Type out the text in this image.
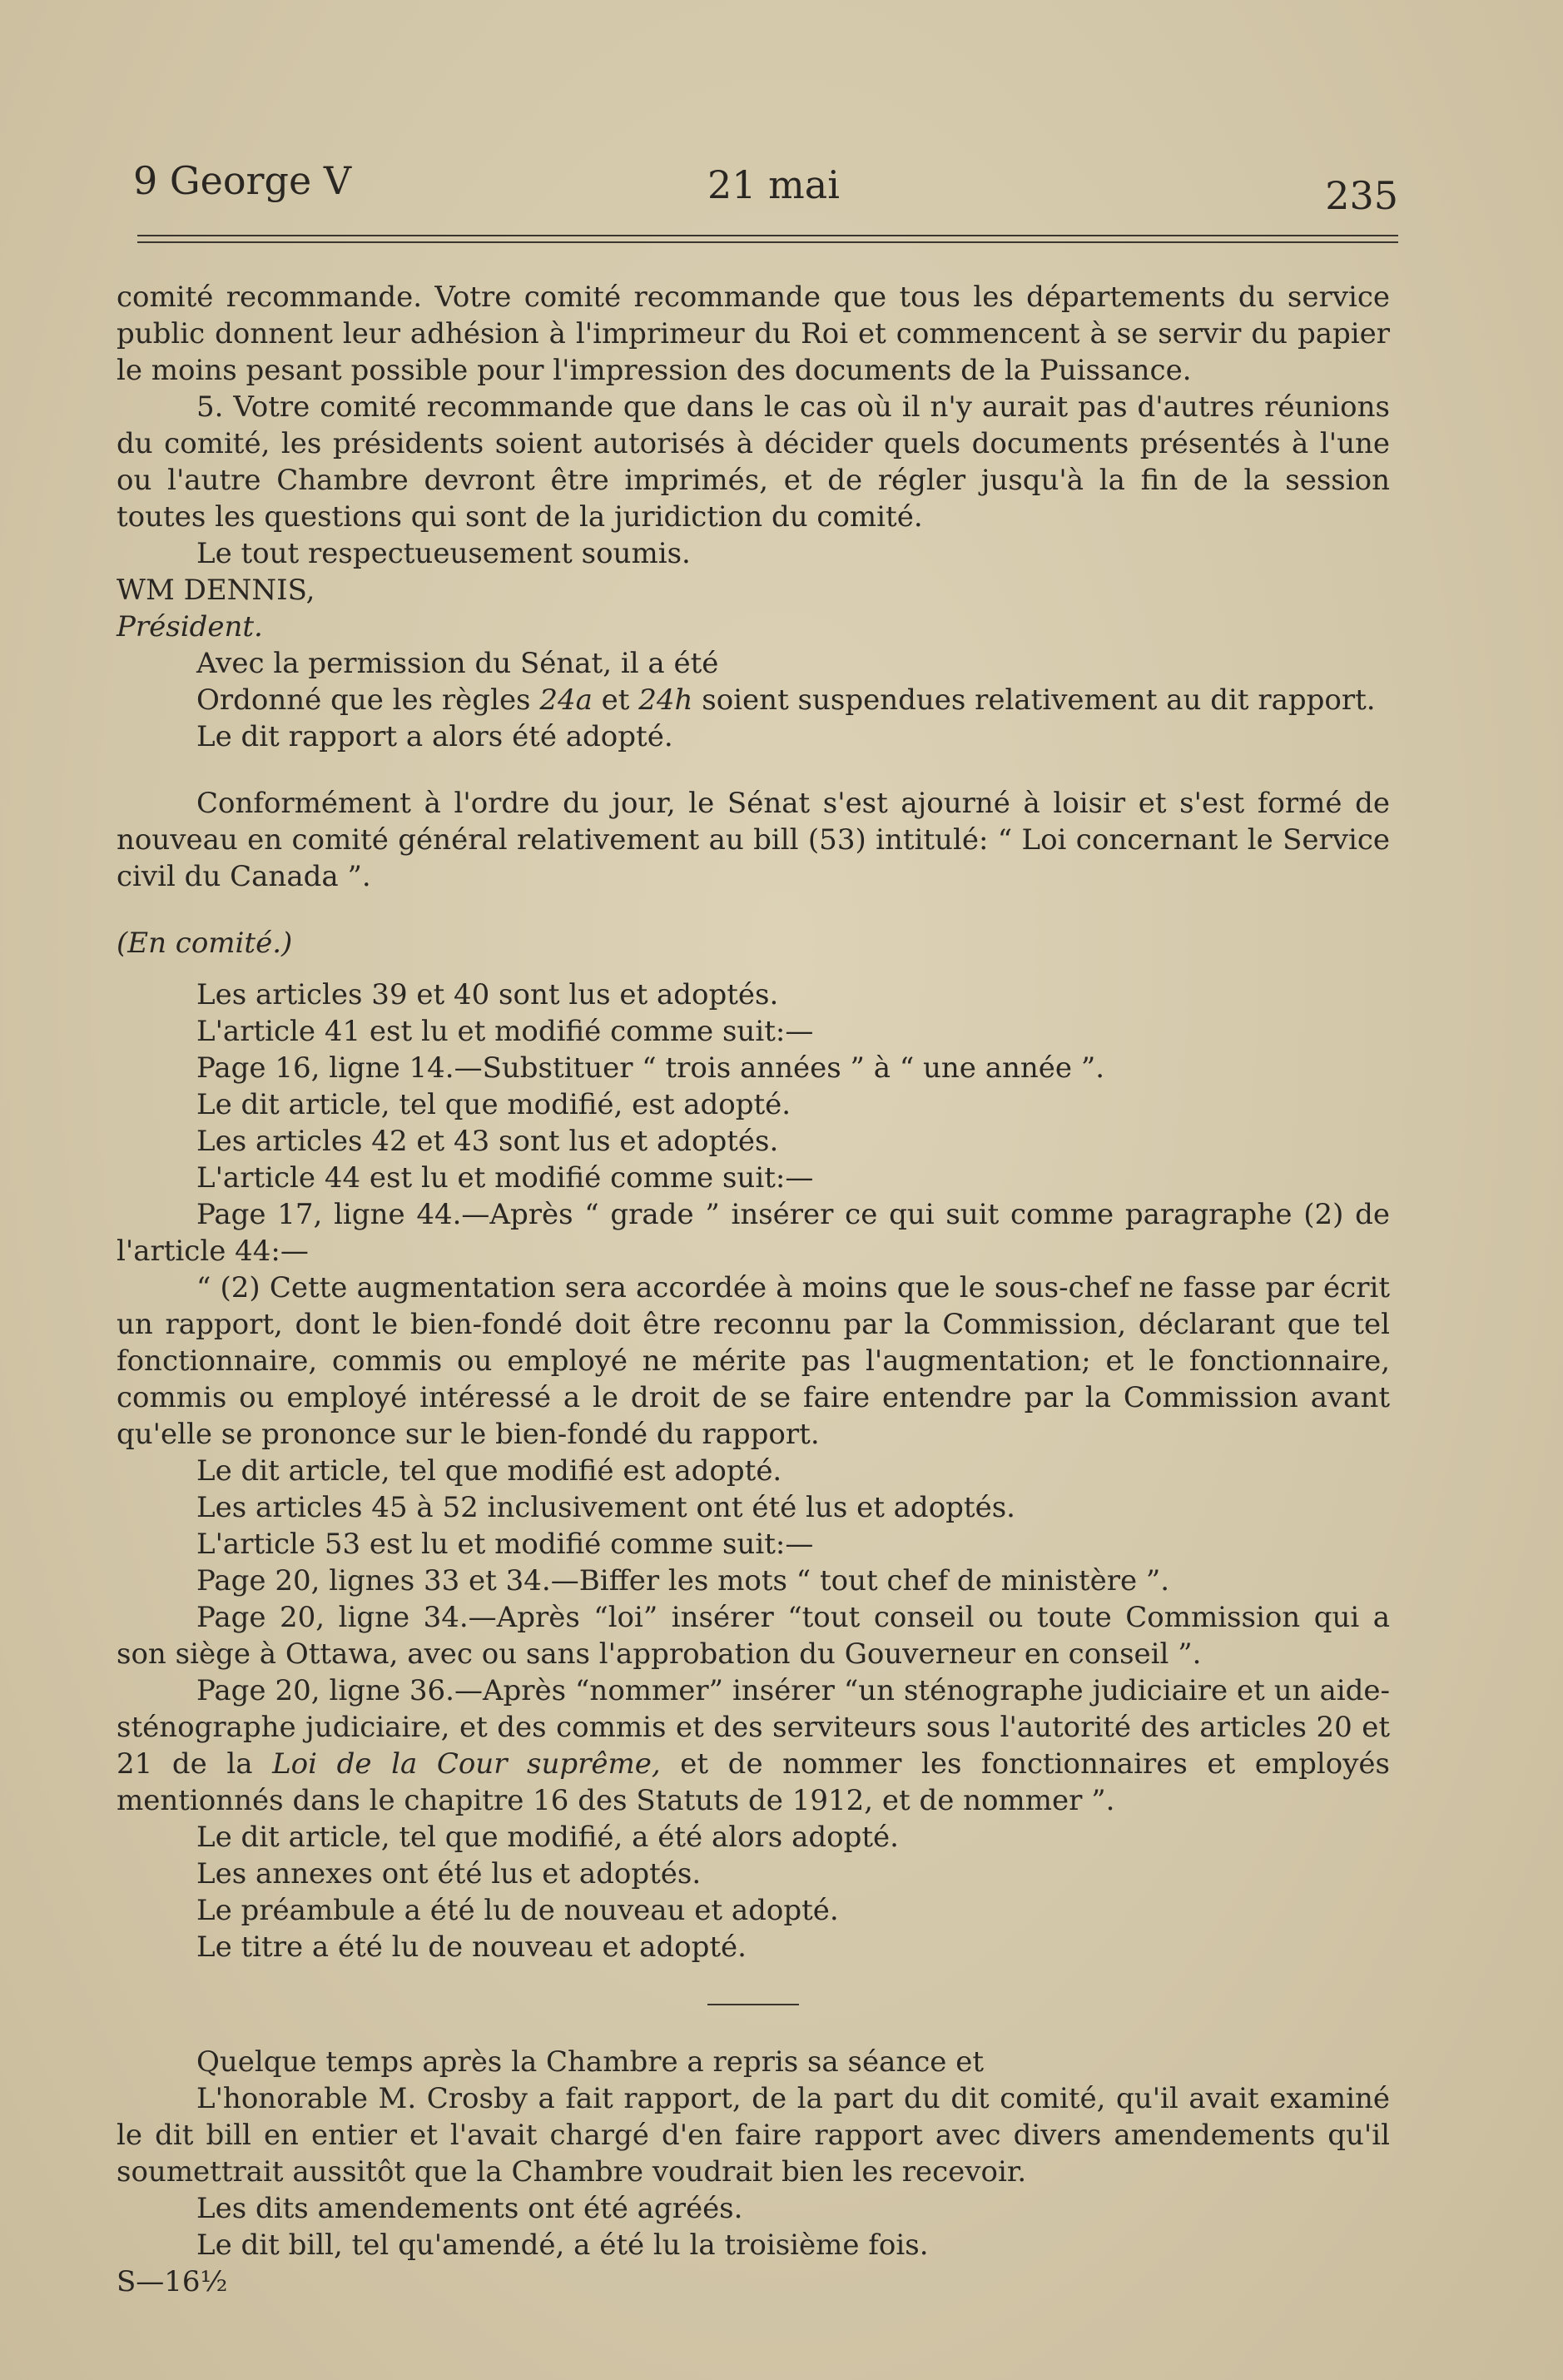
9 George V	21 mai	235

comité recommande. Votre comité recommande que tous les départements du service public donnent leur adhésion à l'imprimeur du Roi et commencent à se servir du papier le moins pesant possible pour l'impression des documents de la Puissance.

5. Votre comité recommande que dans le cas où il n'y aurait pas d'autres réunions du comité, les présidents soient autorisés à décider quels documents présentés à l'une ou l'autre Chambre devront être imprimés, et de régler jusqu'à la fin de la session toutes les questions qui sont de la juridiction du comité.

Le tout respectueusement soumis.

WM DENNIS,

Président.

Avec la permission du Sénat, il a été

Ordonné que les règles 24a et 24h soient suspendues relativement au dit rapport.

Le dit rapport a alors été adopté.

Conformément à l'ordre du jour, le Sénat s'est ajourné à loisir et s'est formé de nouveau en comité général relativement au bill (53) intitulé: “ Loi concernant le Service civil du Canada ”.

(En comité.)

Les articles 39 et 40 sont lus et adoptés.

L'article 41 est lu et modifié comme suit:—

Page 16, ligne 14.—Substituer “ trois années ” à “ une année ”.

Le dit article, tel que modifié, est adopté.

Les articles 42 et 43 sont lus et adoptés.

L'article 44 est lu et modifié comme suit:—

Page 17, ligne 44.—Après “ grade ” insérer ce qui suit comme paragraphe (2) de l'article 44:—

“ (2) Cette augmentation sera accordée à moins que le sous-chef ne fasse par écrit un rapport, dont le bien-fondé doit être reconnu par la Commission, déclarant que tel fonctionnaire, commis ou employé ne mérite pas l'augmentation; et le fonctionnaire, commis ou employé intéressé a le droit de se faire entendre par la Commission avant qu'elle se prononce sur le bien-fondé du rapport.

Le dit article, tel que modifié est adopté.

Les articles 45 à 52 inclusivement ont été lus et adoptés.

L'article 53 est lu et modifié comme suit:—

Page 20, lignes 33 et 34.—Biffer les mots “ tout chef de ministère ”.

Page 20, ligne 34.—Après “loi” insérer “tout conseil ou toute Commission qui a son siège à Ottawa, avec ou sans l'approbation du Gouverneur en conseil ”.

Page 20, ligne 36.—Après “nommer” insérer “un sténographe judiciaire et un aide-sténographe judiciaire, et des commis et des serviteurs sous l'autorité des articles 20 et 21 de la Loi de la Cour suprême, et de nommer les fonctionnaires et employés mentionnés dans le chapitre 16 des Statuts de 1912, et de nommer ”.

Le dit article, tel que modifié, a été alors adopté.

Les annexes ont été lus et adoptés.

Le préambule a été lu de nouveau et adopté.

Le titre a été lu de nouveau et adopté.

Quelque temps après la Chambre a repris sa séance et

L'honorable M. Crosby a fait rapport, de la part du dit comité, qu'il avait examiné le dit bill en entier et l'avait chargé d'en faire rapport avec divers amendements qu'il soumettrait aussitôt que la Chambre voudrait bien les recevoir.

Les dits amendements ont été agréés.

Le dit bill, tel qu'amendé, a été lu la troisième fois.

S—16½
